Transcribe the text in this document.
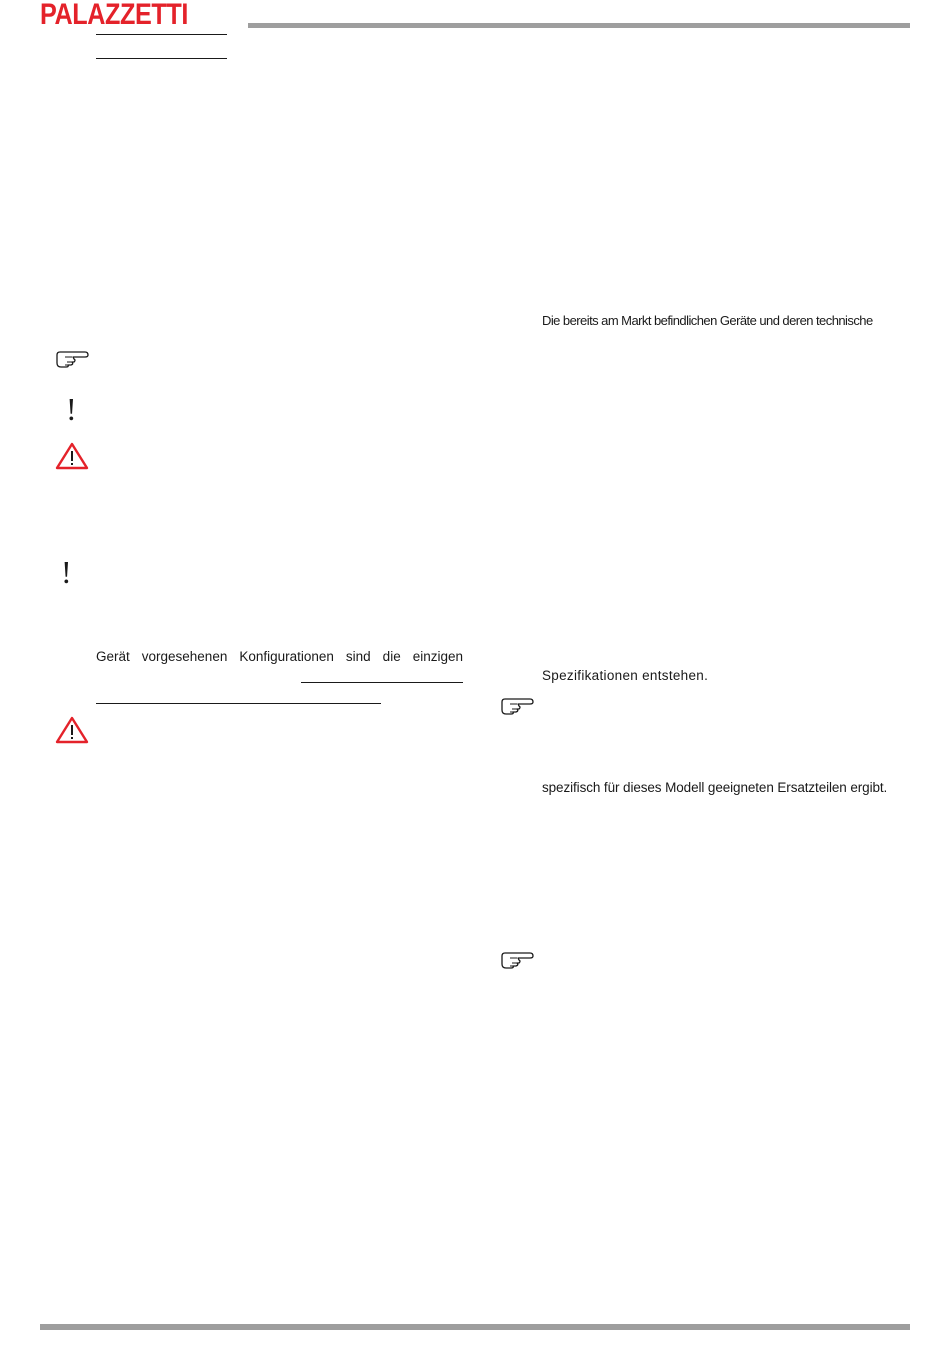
PALAZZETTI
!
!
Gerät vorgesehenen Konfigurationen sind die einzigen
Die bereits am Markt befindlichen Geräte und deren technische
Spezifikationen entstehen.
spezifisch für dieses Modell geeigneten Ersatzteilen ergibt.
